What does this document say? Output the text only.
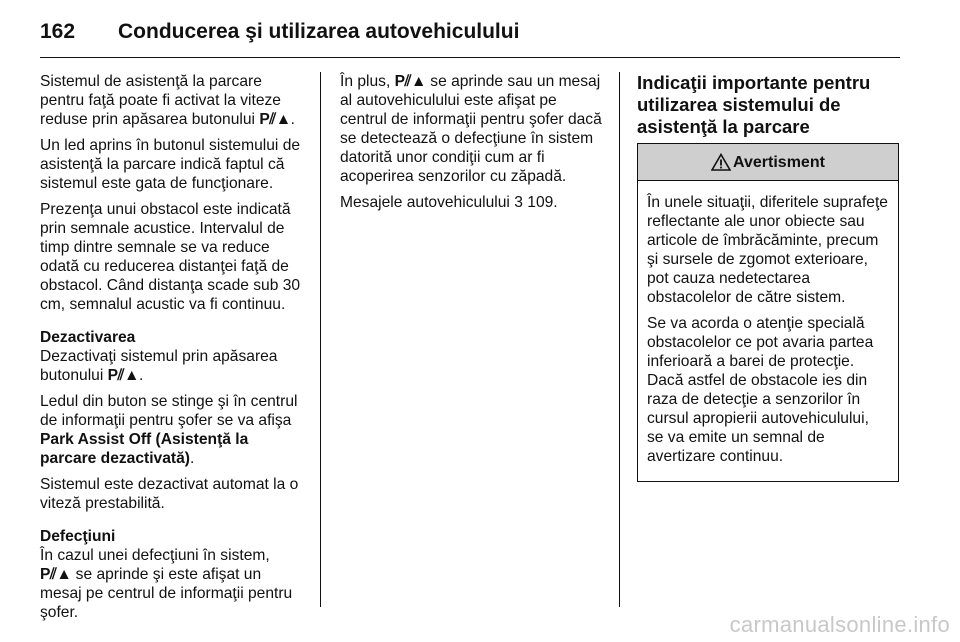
162	Conducerea şi utilizarea autovehiculului

Sistemul de asistenţă la parcare pentru faţă poate fi activat la viteze reduse prin apăsarea butonului P⫽▲.

Un led aprins în butonul sistemului de asistenţă la parcare indică faptul că sistemul este gata de funcţionare.

Prezenţa unui obstacol este indicată prin semnale acustice. Intervalul de timp dintre semnale se va reduce odată cu reducerea distanţei faţă de obstacol. Când distanţa scade sub 30 cm, semnalul acustic va fi continuu.

Dezactivarea

Dezactivaţi sistemul prin apăsarea butonului P⫽▲.

Ledul din buton se stinge şi în centrul de informaţii pentru şofer se va afişa Park Assist Off (Asistenţă la parcare dezactivată).

Sistemul este dezactivat automat la o viteză prestabilită.

Defecţiuni

În cazul unei defecţiuni în sistem,
P⫽▲ se aprinde şi este afişat un mesaj pe centrul de informaţii pentru şofer.

În plus, P⫽▲ se aprinde sau un mesaj al autovehiculului este afişat pe centrul de informaţii pentru şofer dacă se detectează o defecţiune în sistem datorită unor condiţii cum ar fi acoperirea senzorilor cu zăpadă.

Mesajele autovehiculului 3 109.

Indicaţii importante pentru utilizarea sistemului de asistenţă la parcare
Avertisment

În unele situaţii, diferitele suprafeţe reflectante ale unor obiecte sau articole de îmbrăcăminte, precum şi sursele de zgomot exterioare, pot cauza nedetectarea obstacolelor de către sistem.

Se va acorda o atenţie specială obstacolelor ce pot avaria partea inferioară a barei de protecţie. Dacă astfel de obstacole ies din raza de detecţie a senzorilor în cursul apropierii autovehiculului, se va emite un semnal de avertizare continuu.

carmanualsonline.info
